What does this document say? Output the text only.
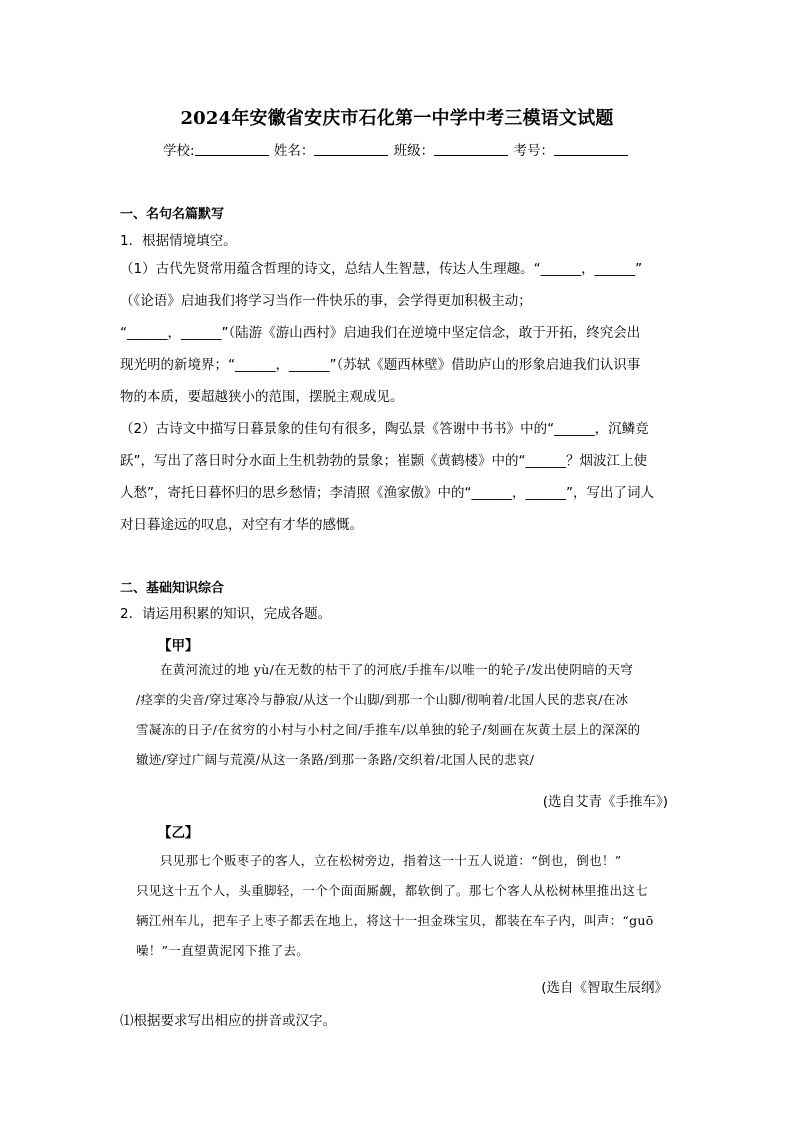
2024年安徽省安庆市石化第一中学中考三模语文试题
学校:	姓名：	班级：	考号：
一、名句名篇默写
1．根据情境填空。
（1）古代先贤常用蕴含哲理的诗文，总结人生智慧，传达人生理趣。“______，______”
（《论语》启迪我们将学习当作一件快乐的事，会学得更加积极主动；
“______，______”（陆游《游山西村》启迪我们在逆境中坚定信念，敢于开拓，终究会出
现光明的新境界；“______，______”（苏轼《题西林壁》借助庐山的形象启迪我们认识事
物的本质，要超越狭小的范围，摆脱主观成见。
（2）古诗文中描写日暮景象的佳句有很多，陶弘景《答谢中书书》中的“______，沉鳞竞
跃”，写出了落日时分水面上生机勃勃的景象；崔颢《黄鹤楼》中的“______？烟波江上使
人愁”，寄托日暮怀归的思乡愁情；李清照《渔家傲》中的“______，______”，写出了词人
对日暮途远的叹息，对空有才华的感慨。
二、基础知识综合
2．请运用积累的知识，完成各题。
【甲】
在黄河流过的地 yù/在无数的枯干了的河底/手推车/以唯一的轮子/发出使阴暗的天穹
/痉挛的尖音/穿过寒冷与静寂/从这一个山脚/到那一个山脚/彻响着/北国人民的悲哀/在冰
雪凝冻的日子/在贫穷的小村与小村之间/手推车/以单独的轮子/刻画在灰黄土层上的深深的
辙迹/穿过广阔与荒漠/从这一条路/到那一条路/交织着/北国人民的悲哀/
(选自艾青《手推车》)
【乙】
只见那七个贩枣子的客人，立在松树旁边，指着这一十五人说道：“倒也，倒也！”
只见这十五个人，头重脚轻，一个个面面厮觑，都软倒了。那七个客人从松树林里推出这七
辆江州车儿，把车子上枣子都丢在地上，将这十一担金珠宝贝，都装在车子内，叫声：“guō
噪！”一直望黄泥冈下推了去。
(选自《智取生辰纲》
⑴根据要求写出相应的拼音或汉字。
